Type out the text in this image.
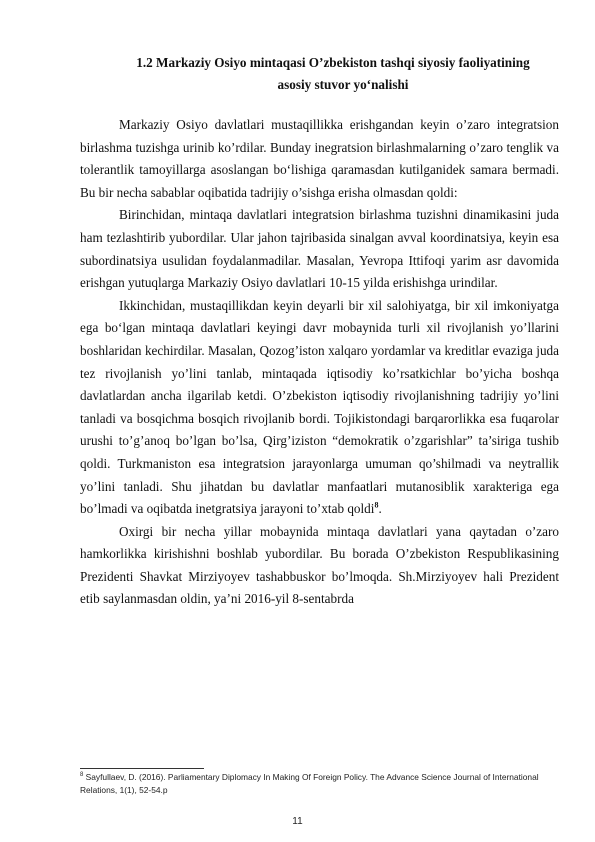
1.2 Markaziy Osiyo mintaqasi O’zbekiston tashqi siyosiy faoliyatining
asosiy stuvor yo‘nalishi

Markaziy Osiyo davlatlari mustaqillikka erishgandan keyin o’zaro integratsion birlashma tuzishga urinib ko’rdilar. Bunday inegratsion birlashmalarning o’zaro tenglik va tolerantlik tamoyillarga asoslangan bo‘lishiga qaramasdan kutilganidek samara bermadi. Bu bir necha sabablar oqibatida tadrijiy o’sishga erisha olmasdan qoldi:

Birinchidan, mintaqa davlatlari integratsion birlashma tuzishni dinamikasini juda ham tezlashtirib yubordilar. Ular jahon tajribasida sinalgan avval koordinatsiya, keyin esa subordinatsiya usulidan foydalanmadilar. Masalan, Yevropa Ittifoqi yarim asr davomida erishgan yutuqlarga Markaziy Osiyo davlatlari 10-15 yilda erishishga urindilar.

Ikkinchidan, mustaqillikdan keyin deyarli bir xil salohiyatga, bir xil imkoniyatga ega bo‘lgan mintaqa davlatlari keyingi davr mobaynida turli xil rivojlanish yo’llarini boshlaridan kechirdilar. Masalan, Qozog’iston xalqaro yordamlar va kreditlar evaziga juda tez rivojlanish yo’lini tanlab, mintaqada iqtisodiy ko’rsatkichlar bo’yicha boshqa davlatlardan ancha ilgarilab ketdi. O’zbekiston iqtisodiy rivojlanishning tadrijiy yo’lini tanladi va bosqichma bosqich rivojlanib bordi. Tojikistondagi barqarorlikka esa fuqarolar urushi to’g’anoq bo’lgan bo’lsa, Qirg’iziston “demokratik o’zgarishlar” ta’siriga tushib qoldi. Turkmaniston esa integratsion jarayonlarga umuman qo’shilmadi va neytrallik yo’lini tanladi. Shu jihatdan bu davlatlar manfaatlari mutanosiblik xarakteriga ega bo’lmadi va oqibatda inetgratsiya jarayoni to’xtab qoldi$^8$.

Oxirgi bir necha yillar mobaynida mintaqa davlatlari yana qaytadan o’zaro hamkorlikka kirishishni boshlab yubordilar. Bu borada O’zbekiston Respublikasining Prezidenti Shavkat Mirziyoyev tashabbuskor bo’lmoqda. Sh.Mirziyoyev hali Prezident etib saylanmasdan oldin, ya’ni 2016-yil 8-sentabrda

$^8$ Sayfullaev, D. (2016). Parliamentary Diplomacy In Making Of Foreign Policy. The Advance Science Journal of International Relations, 1(1), 52-54.p
11
